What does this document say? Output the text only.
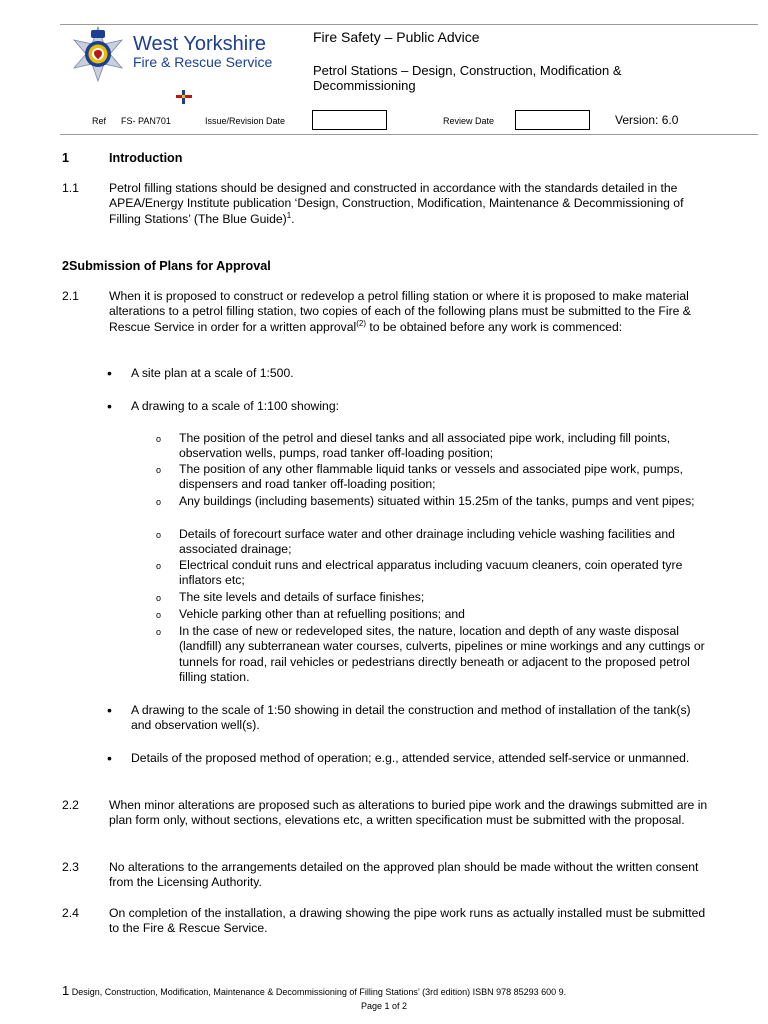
West Yorkshire
Fire & Rescue Service
Fire Safety – Public Advice
Petrol Stations – Design, Construction, Modification & Decommissioning
Ref FS- PAN701	Issue/Revision Date	Review Date	Version: 6.0
1	Introduction
1.1 Petrol filling stations should be designed and constructed in accordance with the standards detailed in the APEA/Energy Institute publication ‘Design, Construction, Modification, Maintenance & Decommissioning of Filling Stations’ (The Blue Guide)$^1$.
2Submission of Plans for Approval
2.1 When it is proposed to construct or redevelop a petrol filling station or where it is proposed to make material alterations to a petrol filling station, two copies of each of the following plans must be submitted to the Fire & Rescue Service in order for a written approval$^{(2)}$ to be obtained before any work is commenced:
• A site plan at a scale of 1:500.
• A drawing to a scale of 1:100 showing:
o The position of the petrol and diesel tanks and all associated pipe work, including fill points, observation wells, pumps, road tanker off-loading position;
o The position of any other flammable liquid tanks or vessels and associated pipe work, pumps, dispensers and road tanker off-loading position;
o Any buildings (including basements) situated within 15.25m of the tanks, pumps and vent pipes;
o Details of forecourt surface water and other drainage including vehicle washing facilities and associated drainage;
o Electrical conduit runs and electrical apparatus including vacuum cleaners, coin operated tyre inflators etc;
o The site levels and details of surface finishes;
o Vehicle parking other than at refuelling positions; and
o In the case of new or redeveloped sites, the nature, location and depth of any waste disposal (landfill) any subterranean water courses, culverts, pipelines or mine workings and any cuttings or tunnels for road, rail vehicles or pedestrians directly beneath or adjacent to the proposed petrol filling station.
• A drawing to the scale of 1:50 showing in detail the construction and method of installation of the tank(s) and observation well(s).
• Details of the proposed method of operation; e.g., attended service, attended self-service or unmanned.
2.2 When minor alterations are proposed such as alterations to buried pipe work and the drawings submitted are in plan form only, without sections, elevations etc, a written specification must be submitted with the proposal.
2.3 No alterations to the arrangements detailed on the approved plan should be made without the written consent from the Licensing Authority.
2.4 On completion of the installation, a drawing showing the pipe work runs as actually installed must be submitted to the Fire & Rescue Service.
1 Design, Construction, Modification, Maintenance & Decommissioning of Filling Stations’ (3rd edition) ISBN 978 85293 600 9.
Page 1 of 2
